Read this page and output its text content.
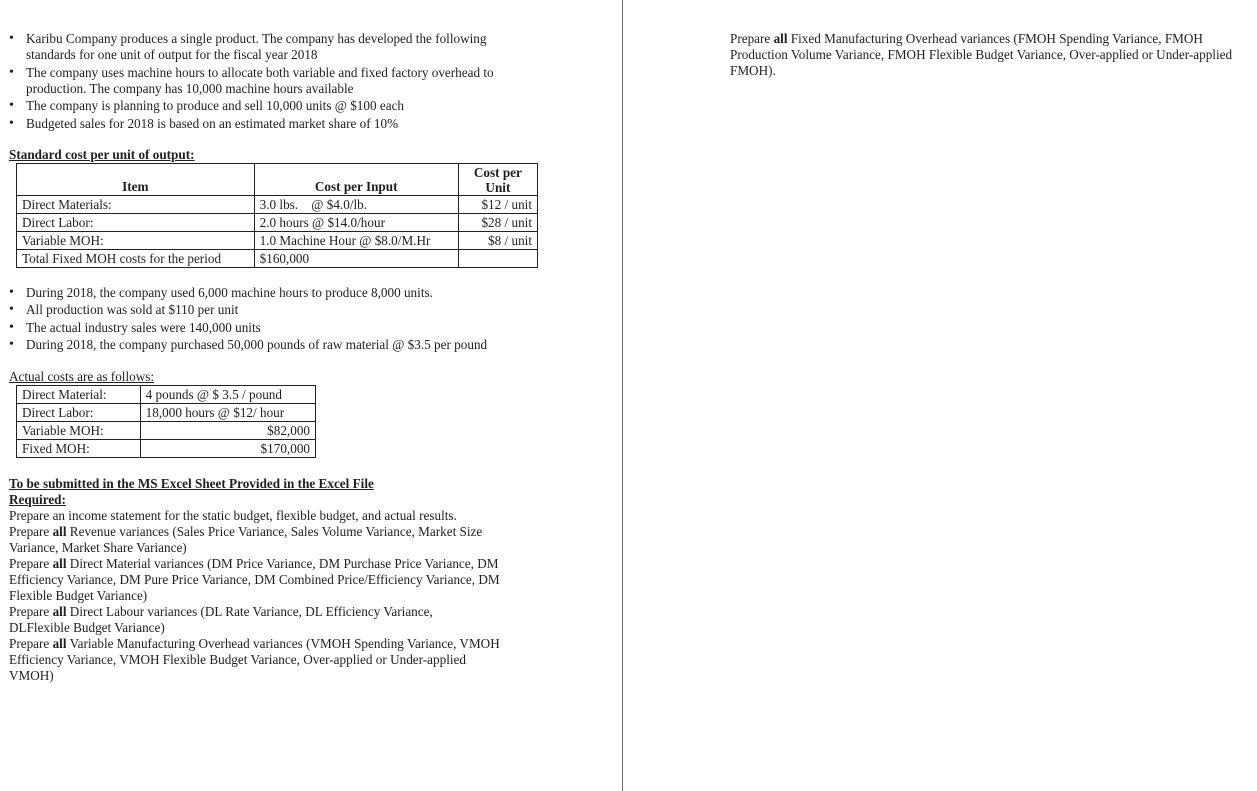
• Karibu Company produces a single product. The company has developed the following standards for one unit of output for the fiscal year 2018
• The company uses machine hours to allocate both variable and fixed factory overhead to production. The company has 10,000 machine hours available
• The company is planning to produce and sell 10,000 units @ $100 each
• Budgeted sales for 2018 is based on an estimated market share of 10%

Standard cost per unit of output:

Item	Cost per Input	Cost per
Unit
Direct Materials:	3.0 lbs.    @ $4.0/lb.	$12 / unit
Direct Labor:	2.0 hours @ $14.0/hour	$28 / unit
Variable MOH:	1.0 Machine Hour @ $8.0/M.Hr	$8 / unit
Total Fixed MOH costs for the period	$160,000	
• During 2018, the company used 6,000 machine hours to produce 8,000 units.
• All production was sold at $110 per unit
• The actual industry sales were 140,000 units
• During 2018, the company purchased 50,000 pounds of raw material @ $3.5 per pound

Actual costs are as follows:

Direct Material:	4 pounds @ $ 3.5 / pound
Direct Labor:	18,000 hours @ $12/ hour
Variable MOH:	$82,000
Fixed MOH:	$170,000

To be submitted in the MS Excel Sheet Provided in the Excel File

Required:

Prepare an income statement for the static budget, flexible budget, and actual results.

Prepare all Revenue variances (Sales Price Variance, Sales Volume Variance, Market Size Variance, Market Share Variance)

Prepare all Direct Material variances (DM Price Variance, DM Purchase Price Variance, DM Efficiency Variance, DM Pure Price Variance, DM Combined Price/Efficiency Variance, DM Flexible Budget Variance)

Prepare all Direct Labour variances (DL Rate Variance, DL Efficiency Variance, DLFlexible Budget Variance)

Prepare all Variable Manufacturing Overhead variances (VMOH Spending Variance, VMOH Efficiency Variance, VMOH Flexible Budget Variance, Over-applied or Under-applied VMOH)

Prepare all Fixed Manufacturing Overhead variances (FMOH Spending Variance, FMOH Production Volume Variance, FMOH Flexible Budget Variance, Over-applied or Under-applied FMOH).
